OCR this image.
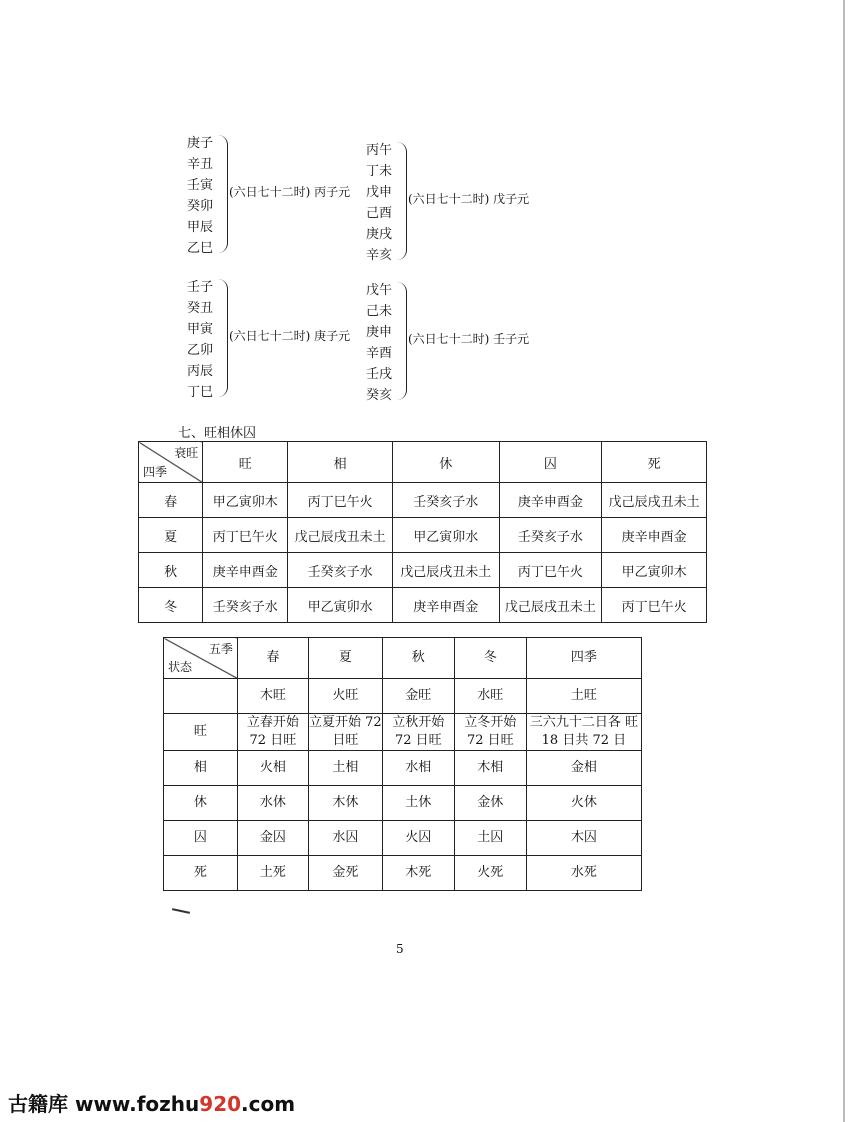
庚子
辛丑
壬寅
癸卯
甲辰
乙巳
(六日七十二时) 丙子元
丙午
丁未
戊申
己酉
庚戌
辛亥
(六日七十二时) 戊子元
壬子
癸丑
甲寅
乙卯
丙辰
丁巳
(六日七十二时) 庚子元
戊午
己未
庚申
辛酉
壬戌
癸亥
(六日七十二时) 壬子元
七、旺相休囚
衰旺
四季	旺	相	休	囚	死
春	甲乙寅卯木	丙丁巳午火	壬癸亥子水	庚辛申酉金	戊己辰戌丑未土
夏	丙丁巳午火	戊己辰戌丑未土	甲乙寅卯水	壬癸亥子水	庚辛申酉金
秋	庚辛申酉金	壬癸亥子水	戊己辰戌丑未土	丙丁巳午火	甲乙寅卯木
冬	壬癸亥子水	甲乙寅卯水	庚辛申酉金	戊己辰戌丑未土	丙丁巳午火
五季
状态	春	夏	秋	冬	四季
	木旺	火旺	金旺	水旺	土旺
旺	立春开始 72 日旺	立夏开始 72 日旺	立秋开始 72 日旺	立冬开始 72 日旺	三六九十二日各 旺 18 日共 72 日
相	火相	土相	水相	木相	金相
休	水休	木休	土休	金休	火休
囚	金囚	水囚	火囚	土囚	木囚
死	土死	金死	木死	火死	水死
5
古籍库 www.fozhu920.com
